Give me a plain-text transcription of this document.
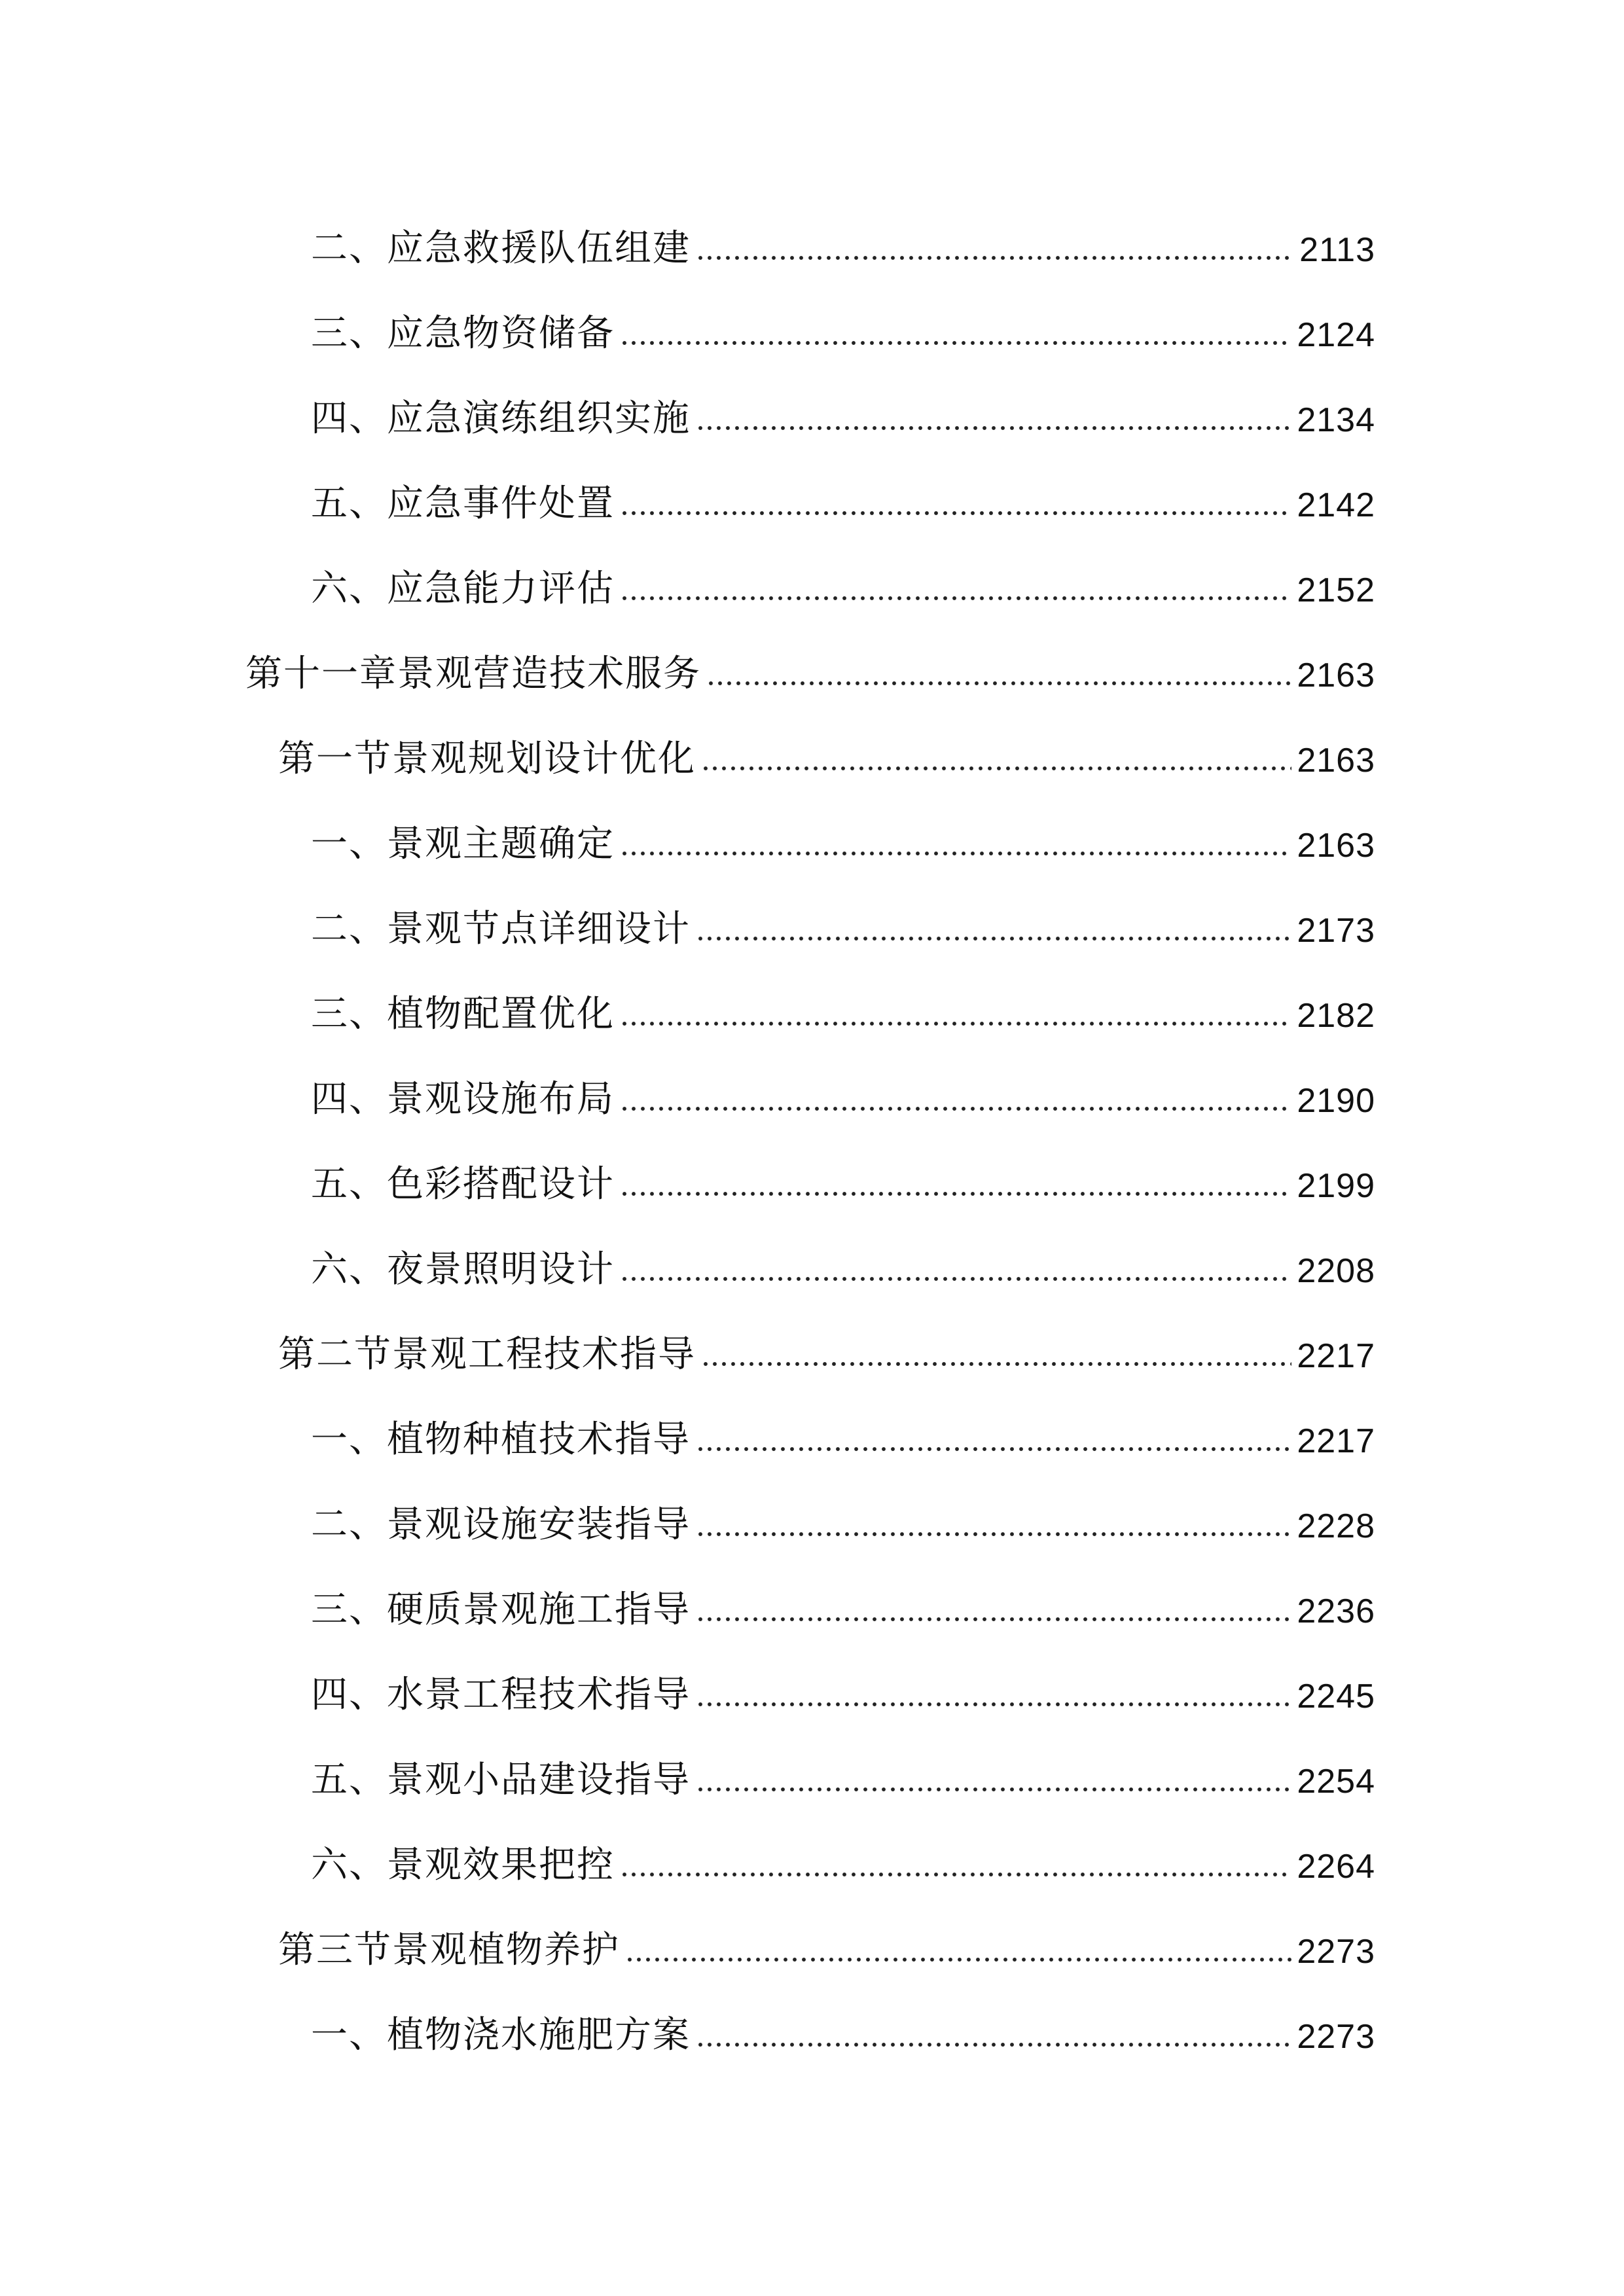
二、应急救援队伍组建	2113
三、应急物资储备	2124
四、应急演练组织实施	2134
五、应急事件处置	2142
六、应急能力评估	2152
第十一章景观营造技术服务	2163
第一节景观规划设计优化	2163
一、景观主题确定	2163
二、景观节点详细设计	2173
三、植物配置优化	2182
四、景观设施布局	2190
五、色彩搭配设计	2199
六、夜景照明设计	2208
第二节景观工程技术指导	2217
一、植物种植技术指导	2217
二、景观设施安装指导	2228
三、硬质景观施工指导	2236
四、水景工程技术指导	2245
五、景观小品建设指导	2254
六、景观效果把控	2264
第三节景观植物养护	2273
一、植物浇水施肥方案	2273
